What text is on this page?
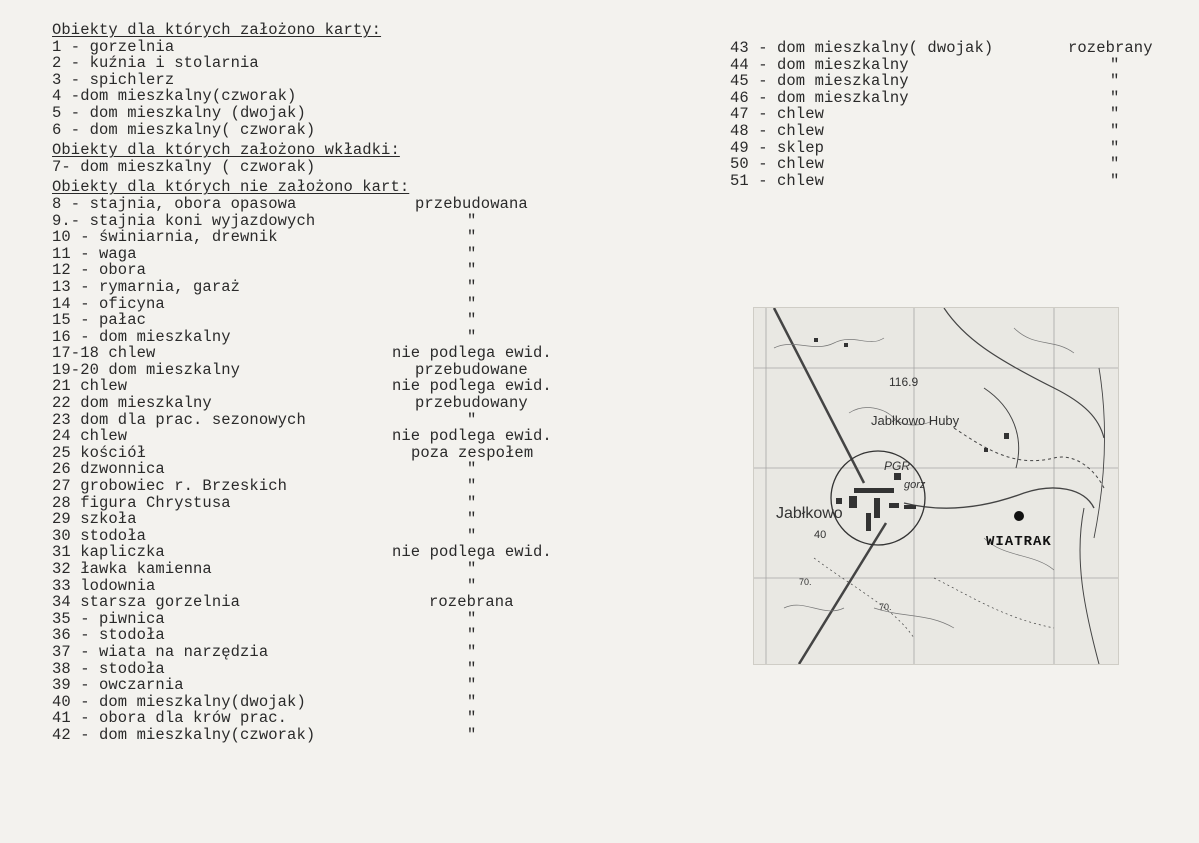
Obiekty dla których założono karty:
1 - gorzelnia
2 - kuźnia i stolarnia
3 - spichlerz
4 -dom mieszkalny(czworak)
5 - dom mieszkalny (dwojak)
6 - dom mieszkalny( czworak)
Obiekty dla których założono wkładki:
7- dom mieszkalny ( czworak)
Obiekty dla których nie założono kart:
8 - stajnia, obora opasowa	przebudowana
9.- stajnia koni wyjazdowych	"
10 - świniarnia, drewnik	"
11 - waga	"
12 - obora	"
13 - rymarnia, garaż	"
14 - oficyna	"
15 - pałac	"
16 - dom mieszkalny	"
17-18 chlew	nie podlega ewid.
19-20 dom mieszkalny	przebudowane
21 chlew	nie podlega ewid.
22 dom mieszkalny	przebudowany
23 dom dla prac. sezonowych	"
24 chlew	nie podlega ewid.
25 kościół	poza zespołem
26 dzwonnica	"
27 grobowiec r. Brzeskich	"
28 figura Chrystusa	"
29 szkoła	"
30 stodoła	"
31 kapliczka	nie podlega ewid.
32 ławka kamienna	"
33 lodownia	"
34 starsza gorzelnia	rozebrana
35 - piwnica	"
36 - stodoła	"
37 - wiata na narzędzia	"
38 - stodoła	"
39 - owczarnia	"
40 - dom mieszkalny(dwojak)	"
41 - obora dla krów prac.	"
42 - dom mieszkalny(czworak)	"
43 - dom mieszkalny( dwojak)	rozebrany
44 - dom mieszkalny	"
45 - dom mieszkalny	"
46 - dom mieszkalny	"
47 - chlew	"
48 - chlew	"
49 - sklep	"
50 - chlew	"
51 - chlew	"
116.9
Jabłkowo Huby
Jabłkowo
PGR
gorz
40
70.
70.
WIATRAK
